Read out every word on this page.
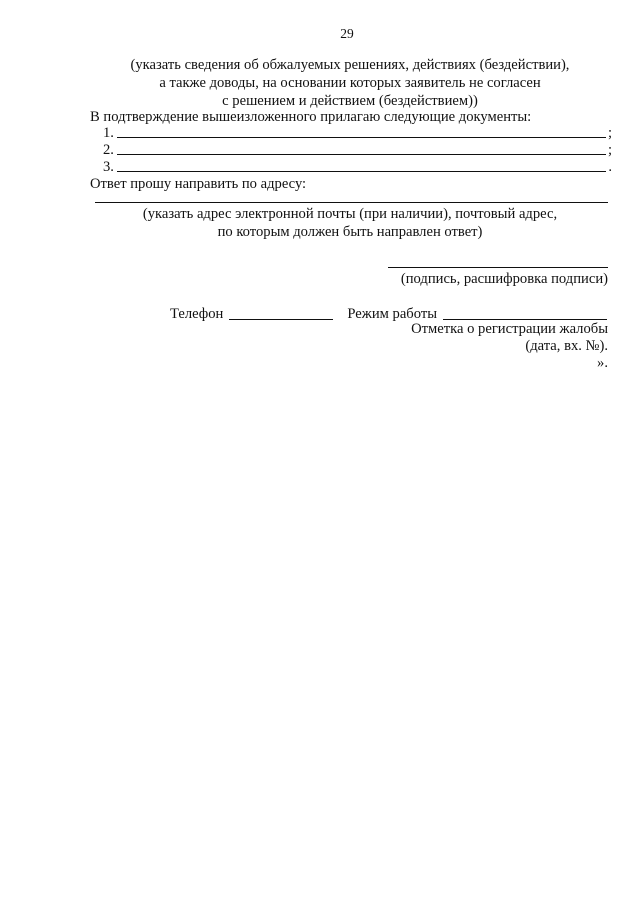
29
(указать сведения об обжалуемых решениях, действиях (бездействии),
а также доводы, на основании которых заявитель не согласен
с решением и действием (бездействием))
В подтверждение вышеизложенного прилагаю следующие документы:
1.	;
2.	;
3.	.
Ответ прошу направить по адресу:
(указать адрес электронной почты (при наличии), почтовый адрес,
по которым должен быть направлен ответ)
(подпись, расшифровка подписи)
Телефон	Режим работы
Отметка о регистрации жалобы
(дата, вх. №).
».
